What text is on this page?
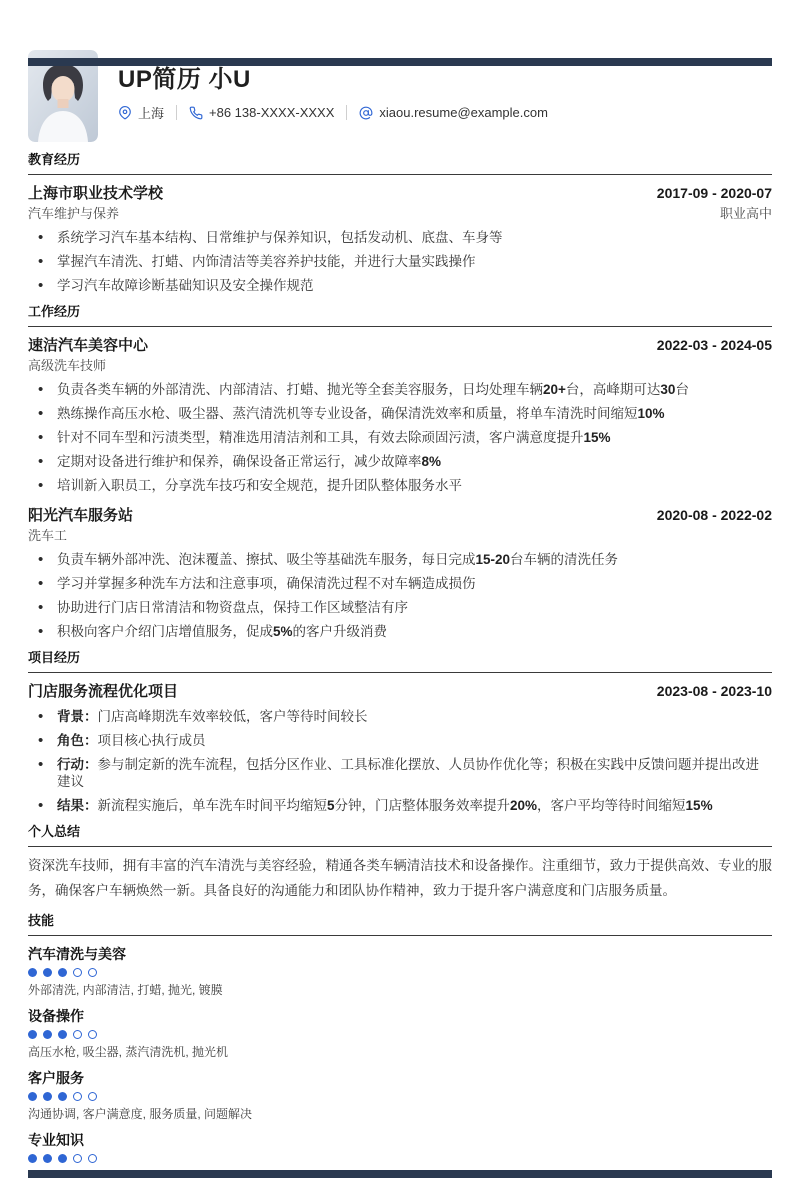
UP简历 小U
上海	+86 138-XXXX-XXXX	xiaou.resume@example.com
教育经历
上海市职业技术学校	2017-09 - 2020-07
汽车维护与保养	职业高中
• 系统学习汽车基本结构、日常维护与保养知识，包括发动机、底盘、车身等
• 掌握汽车清洗、打蜡、内饰清洁等美容养护技能，并进行大量实践操作
• 学习汽车故障诊断基础知识及安全操作规范
工作经历
速洁汽车美容中心	2022-03 - 2024-05
高级洗车技师
• 负责各类车辆的外部清洗、内部清洁、打蜡、抛光等全套美容服务，日均处理车辆20+台，高峰期可达30台
• 熟练操作高压水枪、吸尘器、蒸汽清洗机等专业设备，确保清洗效率和质量，将单车清洗时间缩短10%
• 针对不同车型和污渍类型，精准选用清洁剂和工具，有效去除顽固污渍，客户满意度提升15%
• 定期对设备进行维护和保养，确保设备正常运行，减少故障率8%
• 培训新入职员工，分享洗车技巧和安全规范，提升团队整体服务水平
阳光汽车服务站	2020-08 - 2022-02
洗车工
• 负责车辆外部冲洗、泡沫覆盖、擦拭、吸尘等基础洗车服务，每日完成15-20台车辆的清洗任务
• 学习并掌握多种洗车方法和注意事项，确保清洗过程不对车辆造成损伤
• 协助进行门店日常清洁和物资盘点，保持工作区域整洁有序
• 积极向客户介绍门店增值服务，促成5%的客户升级消费
项目经历
门店服务流程优化项目	2023-08 - 2023-10
• 背景：门店高峰期洗车效率较低，客户等待时间较长
• 角色：项目核心执行成员
• 行动：参与制定新的洗车流程，包括分区作业、工具标准化摆放、人员协作优化等；积极在实践中反馈问题并提出改进建议
• 结果：新流程实施后，单车洗车时间平均缩短5分钟，门店整体服务效率提升20%，客户平均等待时间缩短15%
个人总结
资深洗车技师，拥有丰富的汽车清洗与美容经验，精通各类车辆清洁技术和设备操作。注重细节，致力于提供高效、专业的服务，确保客户车辆焕然一新。具备良好的沟通能力和团队协作精神，致力于提升客户满意度和门店服务质量。
技能
汽车清洗与美容
外部清洗, 内部清洁, 打蜡, 抛光, 镀膜
设备操作
高压水枪, 吸尘器, 蒸汽清洗机, 抛光机
客户服务
沟通协调, 客户满意度, 服务质量, 问题解决
专业知识
